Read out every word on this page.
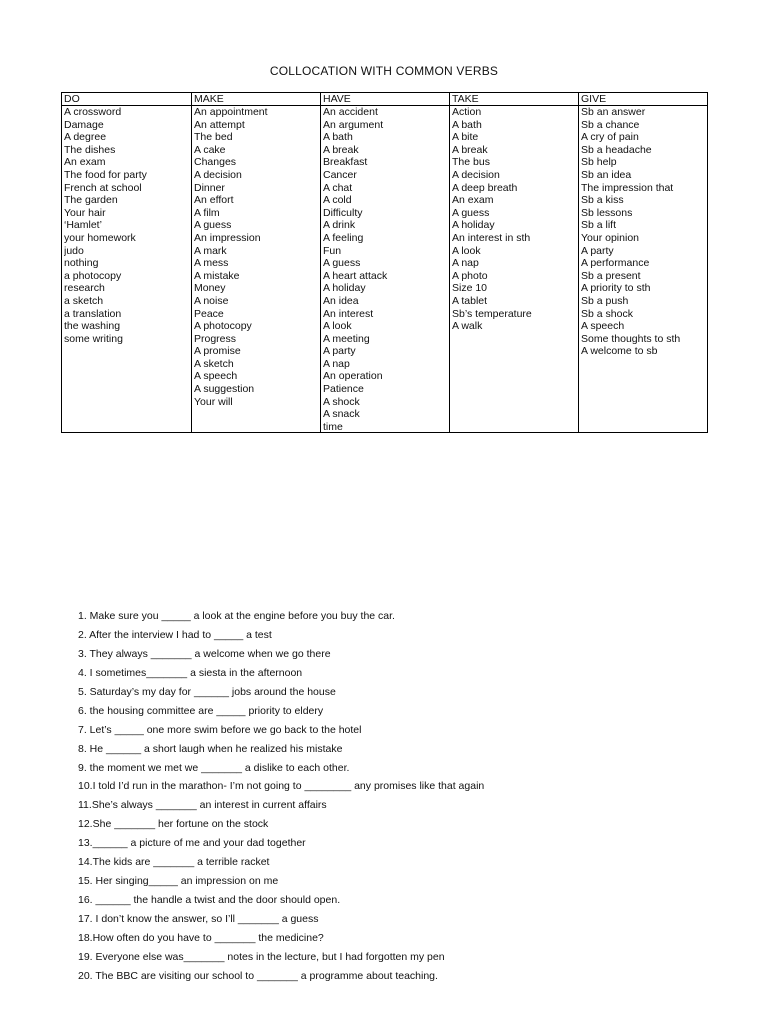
COLLOCATION WITH COMMON VERBS
DO
A crossword
Damage
A degree
The dishes
An exam
The food for party
French at school
The garden
Your hair
‘Hamlet’
your homework
judo
nothing
a photocopy
research
a sketch
a translation
the washing
some writing
MAKE
An appointment
An attempt
The bed
A cake
Changes
A decision
Dinner
An effort
A film
A guess
An impression
A mark
A mess
A mistake
Money
A noise
Peace
A photocopy
Progress
A promise
A sketch
A speech
A suggestion
Your will
HAVE
An accident
An argument
A bath
A break
Breakfast
Cancer
A chat
A cold
Difficulty
A drink
A feeling
Fun
A guess
A heart attack
A holiday
An idea
An interest
A look
A meeting
A party
A nap
An operation
Patience
A shock
A snack
time
TAKE
Action
A bath
A bite
A break
The bus
A decision
A deep breath
An exam
A guess
A holiday
An interest in sth
A look
A nap
A photo
Size 10
A tablet
Sb’s temperature
A walk
GIVE
Sb an answer
Sb a chance
A cry of pain
Sb a headache
Sb help
Sb an idea
The impression that
Sb a kiss
Sb lessons
Sb a lift
Your opinion
A party
A performance
Sb a present
A priority to sth
Sb a push
Sb a shock
A speech
Some thoughts to sth
A welcome to sb
1. Make sure you _____ a look at the engine before you buy the car.
2. After the interview I had to _____ a test
3. They always _______ a welcome when we go there
4. I sometimes_______ a siesta in the afternoon
5. Saturday’s my day for ______ jobs around the house
6. the housing committee are _____ priority to eldery
7. Let’s _____ one more swim before we go back to the hotel
8. He ______ a short laugh when he realized his mistake
9. the moment we met we _______ a dislike to each other.
10.I told I’d run in the marathon- I’m not going to ________ any promises like that again
11.She’s always _______ an interest in current affairs
12.She _______ her fortune on the stock
13.______ a picture of me and your dad together
14.The kids are _______ a terrible racket
15. Her singing_____ an impression on me
16. ______ the handle a twist and the door should open.
17. I don’t know the answer, so I’ll _______ a guess
18.How often do you have to _______ the medicine?
19. Everyone else was_______ notes in the lecture, but I had forgotten my pen
20. The BBC are visiting our school to _______ a programme about teaching.
